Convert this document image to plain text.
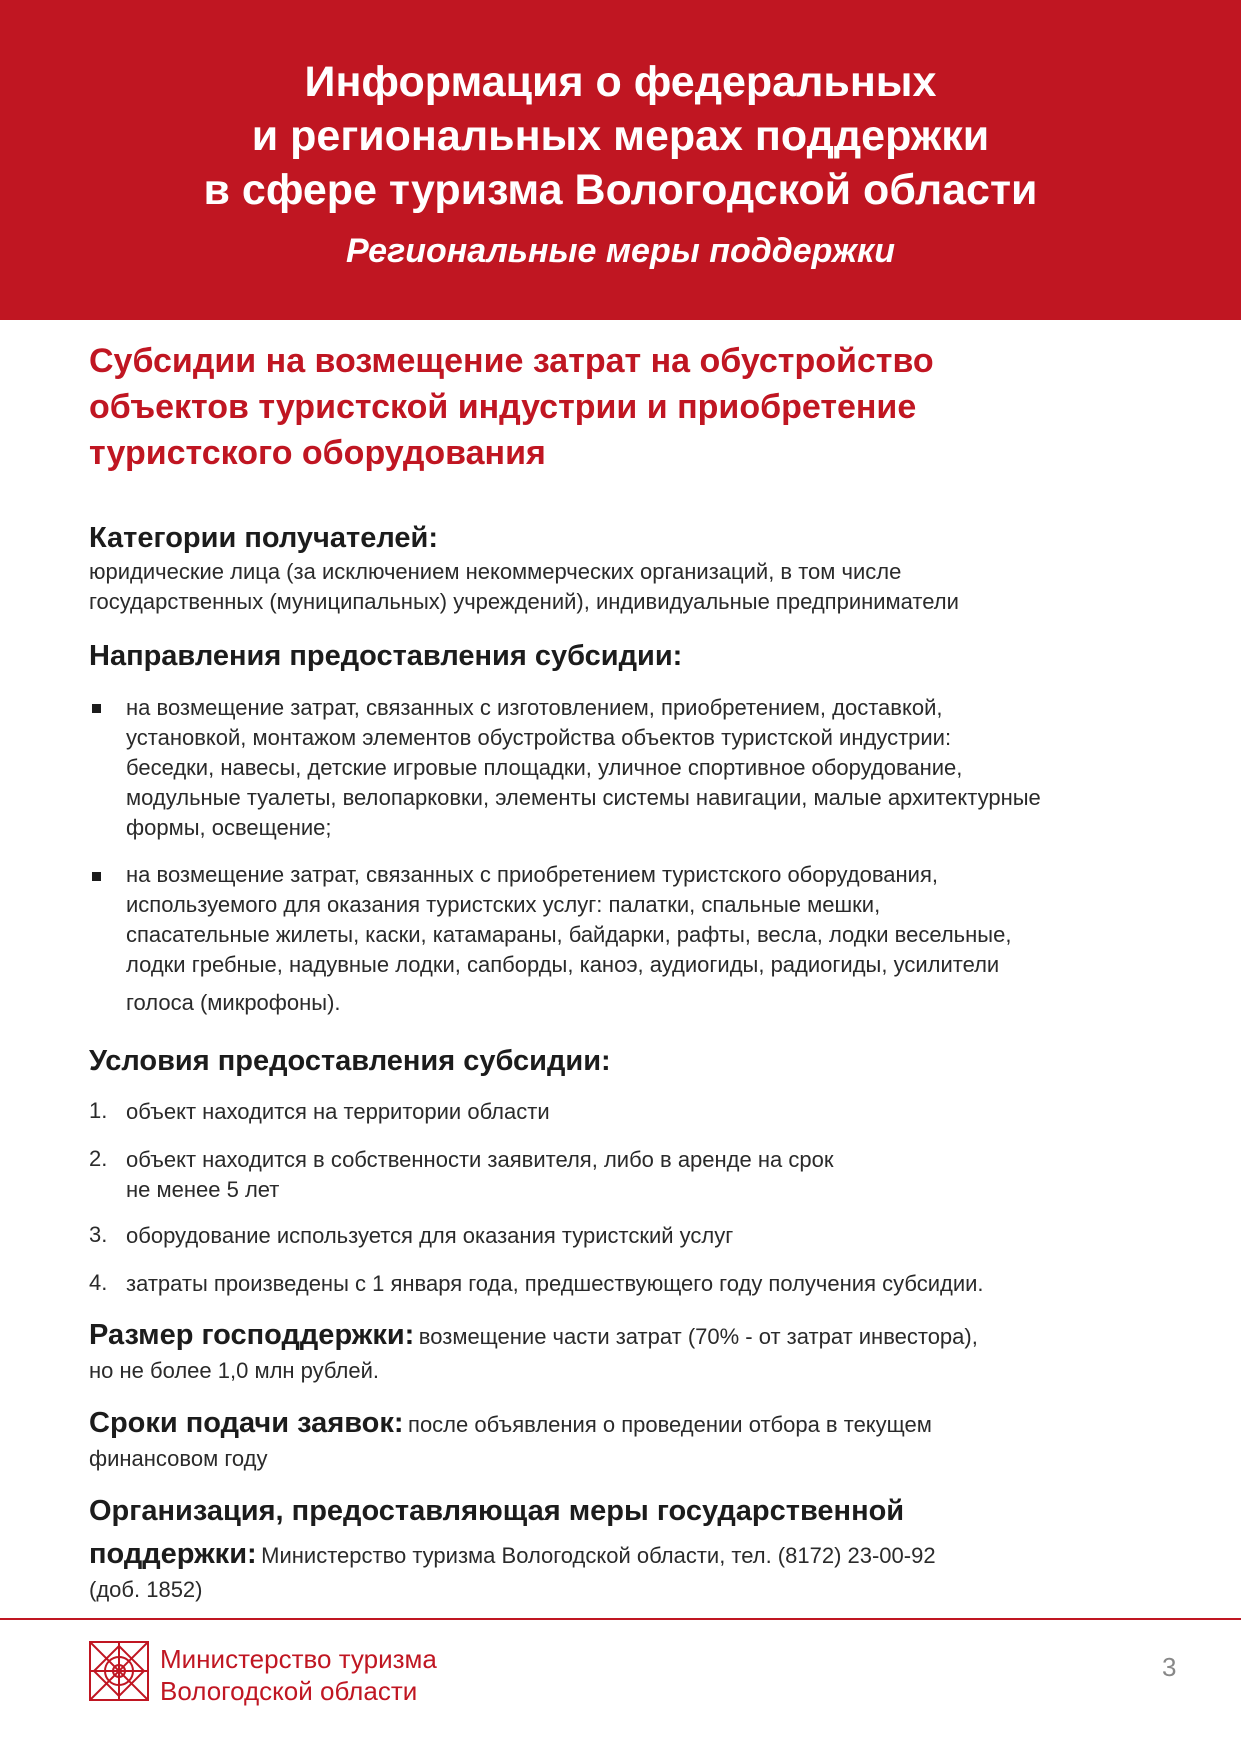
Информация о федеральных
и региональных мерах поддержки
в сфере туризма Вологодской области
Региональные меры поддержки
Субсидии на возмещение затрат на обустройство
объектов туристской индустрии и приобретение
туристского оборудования
Категории получателей:
юридические лица (за исключением некоммерческих организаций, в том числе
государственных (муниципальных) учреждений), индивидуальные предприниматели
Направления предоставления субсидии:
на возмещение затрат, связанных с изготовлением, приобретением, доставкой,
установкой, монтажом элементов обустройства объектов туристской индустрии:
беседки, навесы, детские игровые площадки, уличное спортивное оборудование,
модульные туалеты, велопарковки, элементы системы навигации, малые архитектурные
формы, освещение;
на возмещение затрат, связанных с приобретением туристского оборудования,
используемого для оказания туристских услуг: палатки, спальные мешки,
спасательные жилеты, каски, катамараны, байдарки, рафты, весла, лодки весельные,
лодки гребные, надувные лодки, сапборды, каноэ, аудиогиды, радиогиды, усилители
голоса (микрофоны).
Условия предоставления субсидии:
1. объект находится на территории области
2. объект находится в собственности заявителя, либо в аренде на срок
не менее 5 лет
3. оборудование используется для оказания туристский услуг
4. затраты произведены с 1 января года, предшествующего году получения субсидии.
Размер господдержки: возмещение части затрат (70% - от затрат инвестора),
но не более 1,0 млн рублей.
Сроки подачи заявок: после объявления о проведении отбора в текущем
финансовом году
Организация, предоставляющая меры государственной
поддержки: Министерство туризма Вологодской области, тел. (8172) 23-00-92
(доб. 1852)
Министерство туризма
Вологодской области
3
